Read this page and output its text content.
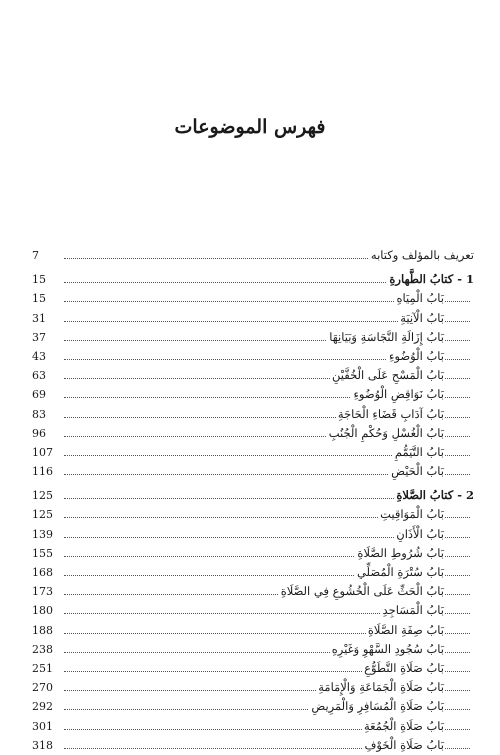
فهرس الموضوعات
تعريف بالمؤلف وكتابه
7
1 - كتابُ الطَّهارةِ
15
بَابُ الْمِيَاهِ
15
بَابُ الْآنِيَةِ
31
بَابُ إِزَالَةِ النَّجَاسَةِ وَبَيَانِهَا
37
بَابُ الْوُضُوءِ
43
بَابُ الْمَسْحِ عَلَى الْخُفَّيْنِ
63
بَابُ نَوَاقِضِ الْوُضُوءِ
69
بَابُ آدَابِ قَضَاءِ الْحَاجَةِ
83
بَابُ الْغُسْلِ وَحُكْمِ الْجُنُبِ
96
بَابُ التَّيَمُّمِ
107
بَابُ الْحَيْضِ
116
2 - كتابُ الصَّلاةِ
125
بَابُ الْمَوَاقِيتِ
125
بَابُ الْأَذَانِ
139
بَابُ شُرُوطِ الصَّلَاةِ
155
بَابُ سُتْرَةِ الْمُصَلِّي
168
بَابُ الْحَثِّ عَلَى الْخُشُوعِ فِي الصَّلَاةِ
173
بَابُ الْمَسَاجِدِ
180
بَابُ صِفَةِ الصَّلَاةِ
188
بَابُ سُجُودِ السَّهْوِ وَغَيْرِهِ
238
بَابُ صَلَاةِ التَّطَوُّعِ
251
بَابُ صَلَاةِ الْجَمَاعَةِ وَالْإِمَامَةِ
270
بَابُ صَلَاةِ الْمُسَافِرِ وَالْمَرِيضِ
292
بَابُ صَلَاةِ الْجُمُعَةِ
301
بَابُ صَلَاةِ الْخَوْفِ
318
